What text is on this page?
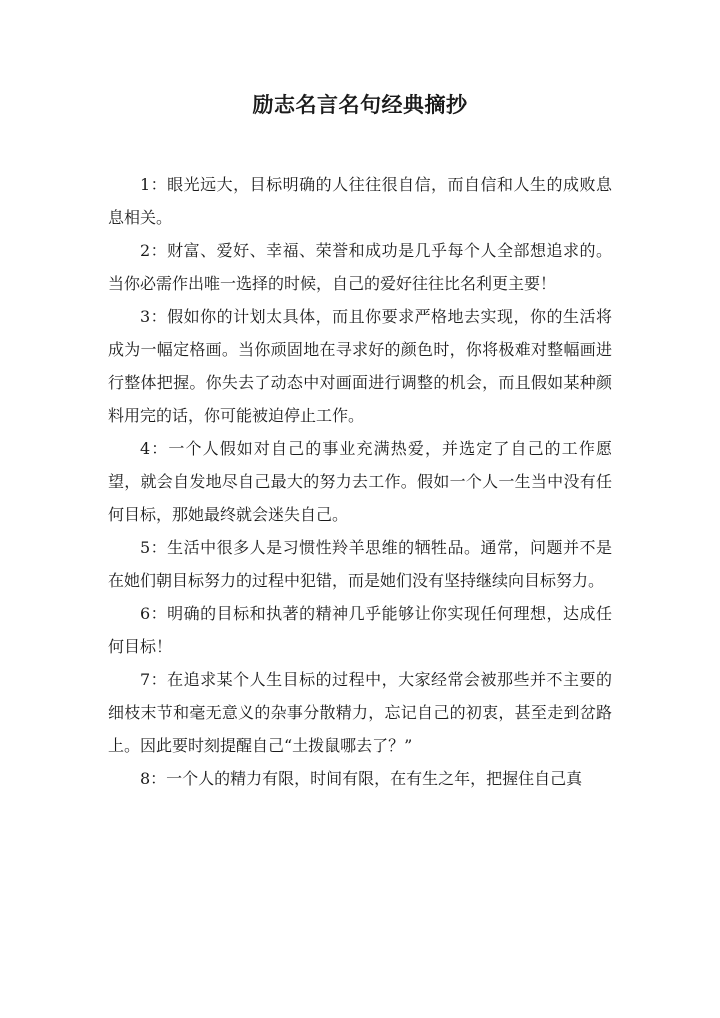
励志名言名句经典摘抄

1：眼光远大，目标明确的人往往很自信，而自信和人生的成败息息相关。

2：财富、爱好、幸福、荣誉和成功是几乎每个人全部想追求的。当你必需作出唯一选择的时候，自己的爱好往往比名利更主要！

3：假如你的计划太具体，而且你要求严格地去实现，你的生活将成为一幅定格画。当你顽固地在寻求好的颜色时，你将极难对整幅画进行整体把握。你失去了动态中对画面进行调整的机会，而且假如某种颜料用完的话，你可能被迫停止工作。

4：一个人假如对自己的事业充满热爱，并选定了自己的工作愿望，就会自发地尽自己最大的努力去工作。假如一个人一生当中没有任何目标，那她最终就会迷失自己。

5：生活中很多人是习惯性羚羊思维的牺牲品。通常，问题并不是在她们朝目标努力的过程中犯错，而是她们没有坚持继续向目标努力。

6：明确的目标和执著的精神几乎能够让你实现任何理想，达成任何目标！

7：在追求某个人生目标的过程中，大家经常会被那些并不主要的细枝末节和毫无意义的杂事分散精力，忘记自己的初衷，甚至走到岔路上。因此要时刻提醒自己“土拨鼠哪去了？”

8：一个人的精力有限，时间有限，在有生之年，把握住自己真
